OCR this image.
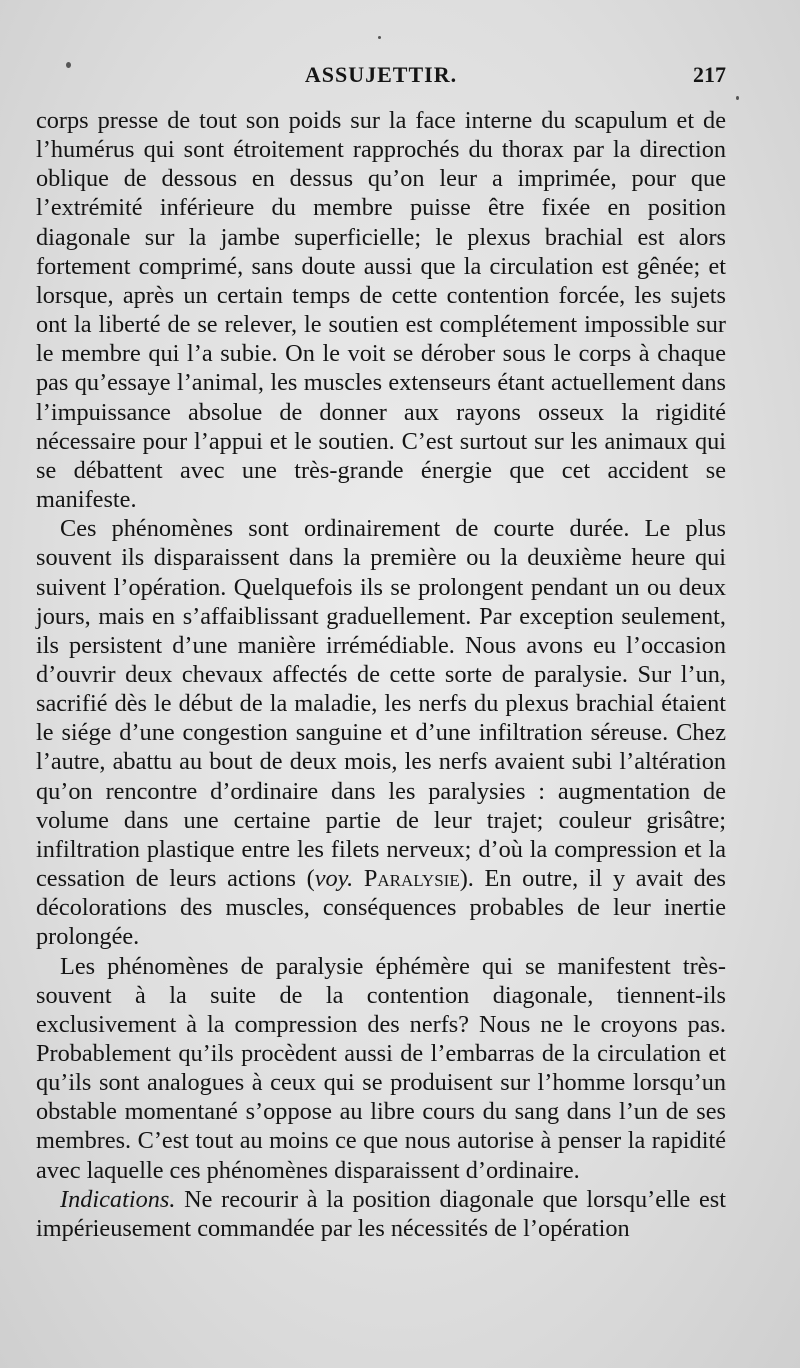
ASSUJETTIR.	217

corps presse de tout son poids sur la face interne du scapulum et de l’humérus qui sont étroitement rapprochés du thorax par la direction oblique de dessous en dessus qu’on leur a imprimée, pour que l’extrémité inférieure du membre puisse être fixée en position diagonale sur la jambe superficielle; le plexus brachial est alors fortement comprimé, sans doute aussi que la circulation est gênée; et lorsque, après un certain temps de cette contention forcée, les sujets ont la liberté de se relever, le soutien est complétement impossible sur le membre qui l’a subie. On le voit se dérober sous le corps à chaque pas qu’essaye l’animal, les muscles extenseurs étant actuellement dans l’impuissance absolue de donner aux rayons osseux la rigidité nécessaire pour l’appui et le soutien. C’est surtout sur les animaux qui se débattent avec une très-grande énergie que cet accident se manifeste.

Ces phénomènes sont ordinairement de courte durée. Le plus souvent ils disparaissent dans la première ou la deuxième heure qui suivent l’opération. Quelquefois ils se prolongent pendant un ou deux jours, mais en s’affaiblissant graduellement. Par exception seulement, ils persistent d’une manière irrémédiable. Nous avons eu l’occasion d’ouvrir deux chevaux affectés de cette sorte de paralysie. Sur l’un, sacrifié dès le début de la maladie, les nerfs du plexus brachial étaient le siége d’une congestion sanguine et d’une infiltration séreuse. Chez l’autre, abattu au bout de deux mois, les nerfs avaient subi l’altération qu’on rencontre d’ordinaire dans les paralysies : augmentation de volume dans une certaine partie de leur trajet; couleur grisâtre; infiltration plastique entre les filets nerveux; d’où la compression et la cessation de leurs actions (voy. Paralysie). En outre, il y avait des décolorations des muscles, conséquences probables de leur inertie prolongée.

Les phénomènes de paralysie éphémère qui se manifestent très-souvent à la suite de la contention diagonale, tiennent-ils exclusivement à la compression des nerfs? Nous ne le croyons pas. Probablement qu’ils procèdent aussi de l’embarras de la circulation et qu’ils sont analogues à ceux qui se produisent sur l’homme lorsqu’un obstable momentané s’oppose au libre cours du sang dans l’un de ses membres. C’est tout au moins ce que nous autorise à penser la rapidité avec laquelle ces phénomènes disparaissent d’ordinaire.

Indications. Ne recourir à la position diagonale que lorsqu’elle est impérieusement commandée par les nécessités de l’opération
